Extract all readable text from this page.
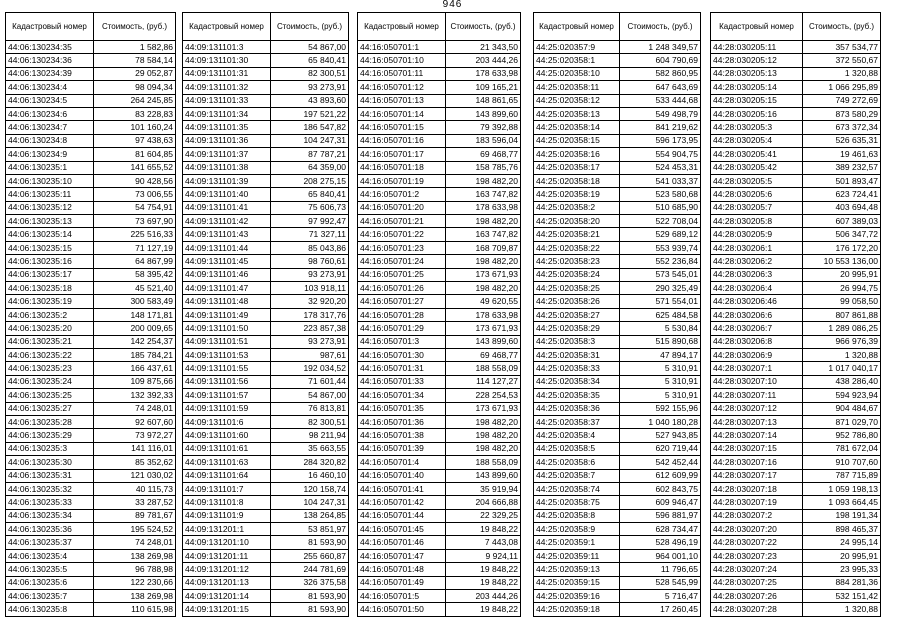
946
Кадастровый номер	Стоимость, (руб.)
44:06:130234:35	1 582,86
44:06:130234:36	78 584,14
44:06:130234:39	29 052,87
44:06:130234:4	98 094,34
44:06:130234:5	264 245,85
44:06:130234:6	83 228,83
44:06:130234:7	101 160,24
44:06:130234:8	97 438,63
44:06:130234:9	81 604,85
44:06:130235:1	141 655,52
44:06:130235:10	90 428,56
44:06:130235:11	73 006,55
44:06:130235:12	54 754,91
44:06:130235:13	73 697,90
44:06:130235:14	225 516,33
44:06:130235:15	71 127,19
44:06:130235:16	64 867,99
44:06:130235:17	58 395,42
44:06:130235:18	45 521,40
44:06:130235:19	300 583,49
44:06:130235:2	148 171,81
44:06:130235:20	200 009,65
44:06:130235:21	142 254,37
44:06:130235:22	185 784,21
44:06:130235:23	166 437,61
44:06:130235:24	109 875,66
44:06:130235:25	132 392,33
44:06:130235:27	74 248,01
44:06:130235:28	92 607,60
44:06:130235:29	73 972,27
44:06:130235:3	141 116,01
44:06:130235:30	85 352,62
44:06:130235:31	121 030,02
44:06:130235:32	40 115,73
44:06:130235:33	33 287,52
44:06:130235:34	89 781,67
44:06:130235:36	195 524,52
44:06:130235:37	74 248,01
44:06:130235:4	138 269,98
44:06:130235:5	96 788,98
44:06:130235:6	122 230,66
44:06:130235:7	138 269,98
44:06:130235:8	110 615,98
Кадастровый номер	Стоимость, (руб.)
44:09:131101:3	54 867,00
44:09:131101:30	65 840,41
44:09:131101:31	82 300,51
44:09:131101:32	93 273,91
44:09:131101:33	43 893,60
44:09:131101:34	197 521,22
44:09:131101:35	186 547,82
44:09:131101:36	104 247,31
44:09:131101:37	87 787,21
44:09:131101:38	64 359,00
44:09:131101:39	208 275,15
44:09:131101:40	65 840,41
44:09:131101:41	75 606,73
44:09:131101:42	97 992,47
44:09:131101:43	71 327,11
44:09:131101:44	85 043,86
44:09:131101:45	98 760,61
44:09:131101:46	93 273,91
44:09:131101:47	103 918,11
44:09:131101:48	32 920,20
44:09:131101:49	178 317,76
44:09:131101:50	223 857,38
44:09:131101:51	93 273,91
44:09:131101:53	987,61
44:09:131101:55	192 034,52
44:09:131101:56	71 601,44
44:09:131101:57	54 867,00
44:09:131101:59	76 813,81
44:09:131101:6	82 300,51
44:09:131101:60	98 211,94
44:09:131101:61	35 663,55
44:09:131101:63	284 320,82
44:09:131101:64	16 460,10
44:09:131101:7	120 158,74
44:09:131101:8	104 247,31
44:09:131101:9	138 264,85
44:09:131201:1	53 851,97
44:09:131201:10	81 593,90
44:09:131201:11	255 660,87
44:09:131201:12	244 781,69
44:09:131201:13	326 375,58
44:09:131201:14	81 593,90
44:09:131201:15	81 593,90
Кадастровый номер	Стоимость, (руб.)
44:16:050701:1	21 343,50
44:16:050701:10	203 444,26
44:16:050701:11	178 633,98
44:16:050701:12	109 165,21
44:16:050701:13	148 861,65
44:16:050701:14	143 899,60
44:16:050701:15	79 392,88
44:16:050701:16	183 596,04
44:16:050701:17	69 468,77
44:16:050701:18	158 785,76
44:16:050701:19	198 482,20
44:16:050701:2	163 747,82
44:16:050701:20	178 633,98
44:16:050701:21	198 482,20
44:16:050701:22	163 747,82
44:16:050701:23	168 709,87
44:16:050701:24	198 482,20
44:16:050701:25	173 671,93
44:16:050701:26	198 482,20
44:16:050701:27	49 620,55
44:16:050701:28	178 633,98
44:16:050701:29	173 671,93
44:16:050701:3	143 899,60
44:16:050701:30	69 468,77
44:16:050701:31	188 558,09
44:16:050701:33	114 127,27
44:16:050701:34	228 254,53
44:16:050701:35	173 671,93
44:16:050701:36	198 482,20
44:16:050701:38	198 482,20
44:16:050701:39	198 482,20
44:16:050701:4	188 558,09
44:16:050701:40	143 899,60
44:16:050701:41	35 919,94
44:16:050701:42	204 666,88
44:16:050701:44	22 329,25
44:16:050701:45	19 848,22
44:16:050701:46	7 443,08
44:16:050701:47	9 924,11
44:16:050701:48	19 848,22
44:16:050701:49	19 848,22
44:16:050701:5	203 444,26
44:16:050701:50	19 848,22
Кадастровый номер	Стоимость, (руб.)
44:25:020357:9	1 248 349,57
44:25:020358:1	604 790,69
44:25:020358:10	582 860,95
44:25:020358:11	647 643,69
44:25:020358:12	533 444,68
44:25:020358:13	549 498,79
44:25:020358:14	841 219,62
44:25:020358:15	596 173,95
44:25:020358:16	554 904,75
44:25:020358:17	524 453,31
44:25:020358:18	541 033,37
44:25:020358:19	523 580,68
44:25:020358:2	510 685,90
44:25:020358:20	522 708,04
44:25:020358:21	529 689,12
44:25:020358:22	553 939,74
44:25:020358:23	552 236,84
44:25:020358:24	573 545,01
44:25:020358:25	290 325,49
44:25:020358:26	571 554,01
44:25:020358:27	625 484,58
44:25:020358:29	5 530,84
44:25:020358:3	515 890,68
44:25:020358:31	47 894,17
44:25:020358:33	5 310,91
44:25:020358:34	5 310,91
44:25:020358:35	5 310,91
44:25:020358:36	592 155,96
44:25:020358:37	1 040 180,28
44:25:020358:4	527 943,85
44:25:020358:5	620 719,44
44:25:020358:6	542 452,44
44:25:020358:7	612 609,99
44:25:020358:74	602 843,75
44:25:020358:75	609 946,47
44:25:020358:8	596 881,97
44:25:020358:9	628 734,47
44:25:020359:1	528 496,19
44:25:020359:11	964 001,10
44:25:020359:13	11 796,65
44:25:020359:15	528 545,99
44:25:020359:16	5 716,47
44:25:020359:18	17 260,45
Кадастровый номер	Стоимость, (руб.)
44:28:030205:11	357 534,77
44:28:030205:12	372 550,67
44:28:030205:13	1 320,88
44:28:030205:14	1 066 295,89
44:28:030205:15	749 272,69
44:28:030205:16	873 580,29
44:28:030205:3	673 372,34
44:28:030205:4	526 635,31
44:28:030205:41	19 461,63
44:28:030205:42	389 232,57
44:28:030205:5	501 893,47
44:28:030205:6	623 724,41
44:28:030205:7	403 694,48
44:28:030205:8	607 389,03
44:28:030205:9	506 347,72
44:28:030206:1	176 172,20
44:28:030206:2	10 553 136,00
44:28:030206:3	20 995,91
44:28:030206:4	26 994,75
44:28:030206:46	99 058,50
44:28:030206:6	807 861,88
44:28:030206:7	1 289 086,25
44:28:030206:8	966 976,39
44:28:030206:9	1 320,88
44:28:030207:1	1 017 040,17
44:28:030207:10	438 286,40
44:28:030207:11	594 923,94
44:28:030207:12	904 484,67
44:28:030207:13	871 029,70
44:28:030207:14	952 786,80
44:28:030207:15	781 672,04
44:28:030207:16	910 707,60
44:28:030207:17	787 715,89
44:28:030207:18	1 059 198,13
44:28:030207:19	1 093 664,45
44:28:030207:2	198 191,34
44:28:030207:20	898 465,37
44:28:030207:22	24 995,14
44:28:030207:23	20 995,91
44:28:030207:24	23 995,33
44:28:030207:25	884 281,36
44:28:030207:26	532 151,42
44:28:030207:28	1 320,88
